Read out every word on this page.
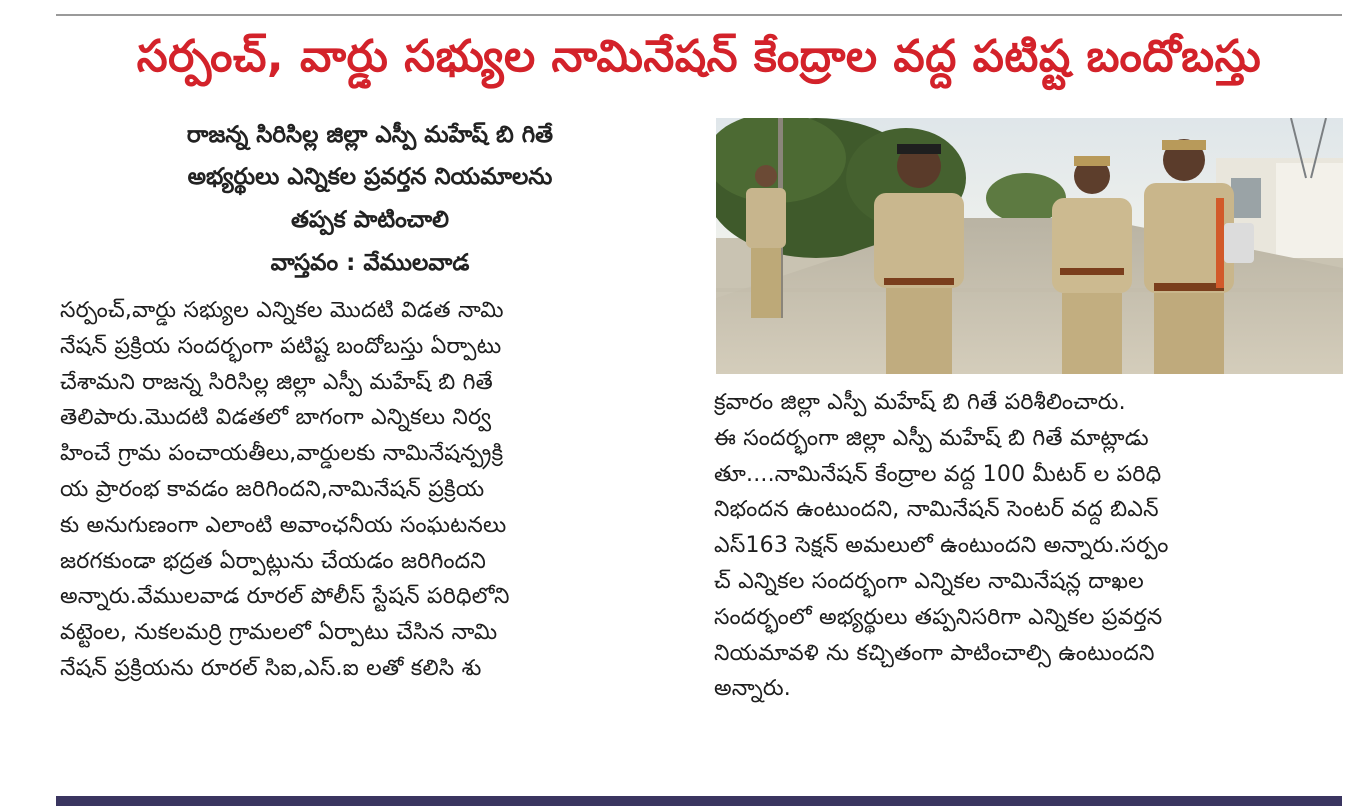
సర్పంచ్, వార్డు సభ్యుల నామినేషన్ కేంద్రాల వద్ద పటిష్ట బందోబస్తు
రాజన్న సిరిసిల్ల జిల్లా ఎస్పీ మహేష్ బి గితే
అభ్యర్థులు ఎన్నికల ప్రవర్తన నియమాలను
తప్పక పాటించాలి
వాస్తవం : వేములవాడ
సర్పంచ్,వార్డు సభ్యుల ఎన్నికల మొదటి విడత నామి
నేషన్ ప్రక్రియ సందర్భంగా పటిష్ట బందోబస్తు ఏర్పాటు
చేశామని రాజన్న సిరిసిల్ల జిల్లా ఎస్పీ మహేష్ బి గితే
తెలిపారు.మొదటి విడతలో బాగంగా ఎన్నికలు నిర్వ
హించే గ్రామ పంచాయతీలు,వార్డులకు నామినేషన్ప్రక్రి
య ప్రారంభ కావడం జరిగిందని,నామినేషన్ ప్రక్రియ
కు అనుగుణంగా ఎలాంటి అవాంఛనీయ సంఘటనలు
జరగకుండా భద్రత ఏర్పాట్లును చేయడం జరిగిందని
అన్నారు.వేములవాడ రూరల్ పోలీస్ స్టేషన్ పరిధిలోని
వట్టెంల, నుకలమర్రి గ్రామలలో ఏర్పాటు చేసిన నామి
నేషన్ ప్రక్రియను రూరల్ సిఐ,ఎస్.ఐ లతో కలిసి శు
క్రవారం జిల్లా ఎస్పీ మహేష్ బి గితే పరిశీలించారు.
ఈ సందర్భంగా జిల్లా ఎస్పీ మహేష్ బి గితే మాట్లాడు
తూ....నామినేషన్ కేంద్రాల వద్ద 100 మీటర్ ల పరిధి
నిభందన ఉంటుందని, నామినేషన్ సెంటర్ వద్ద బిఎన్
ఎస్163 సెక్షన్ అమలులో ఉంటుందని అన్నారు.సర్పం
చ్ ఎన్నికల సందర్భంగా ఎన్నికల నామినేషన్ల దాఖల
సందర్భంలో అభ్యర్థులు తప్పనిసరిగా ఎన్నికల ప్రవర్తన
నియమావళి ను కచ్చితంగా పాటించాల్సి ఉంటుందని
అన్నారు.
